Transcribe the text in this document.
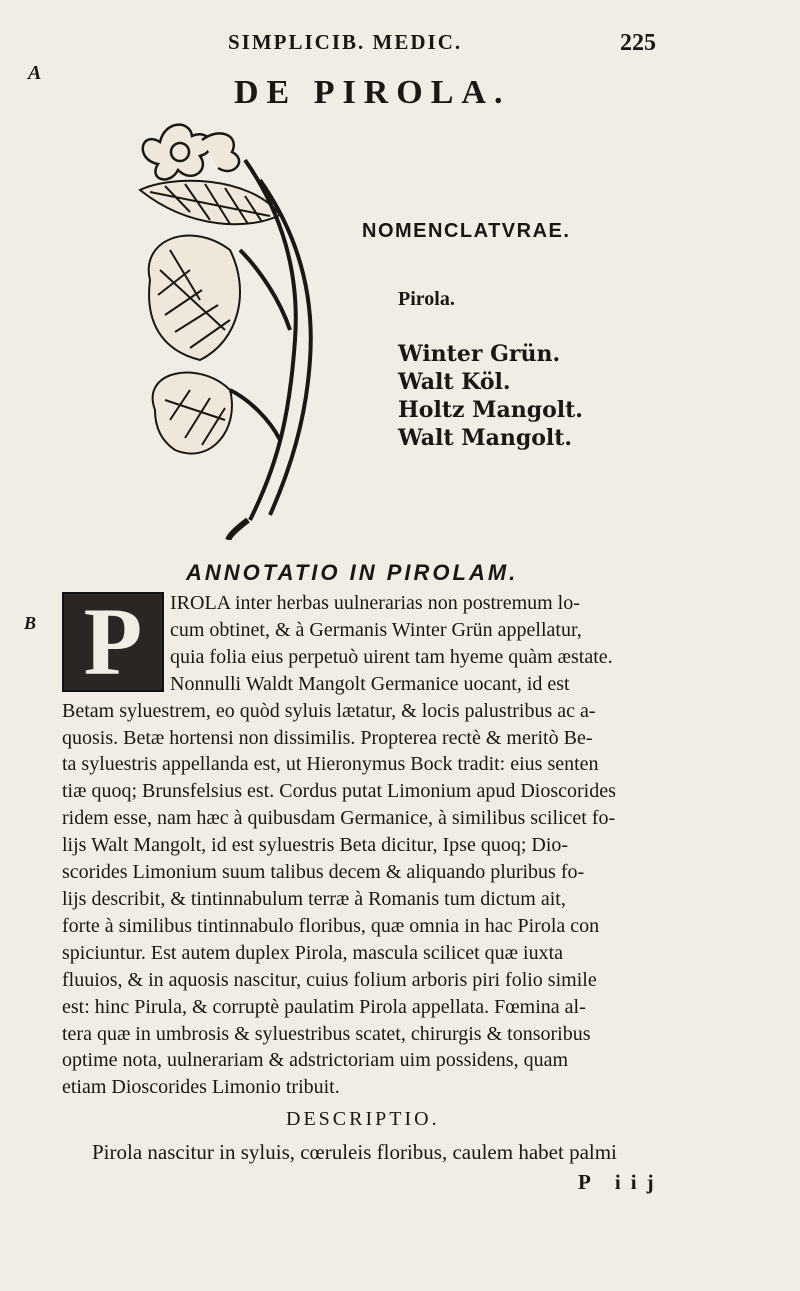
A
SIMPLICIB. MEDIC.	225
DE PIROLA.
NOMENCLATVRAE.
Pirola.
Winter Grün.
Walt Köl.
Holtz Mangolt.
Walt Mangolt.
ANNOTATIO IN PIROLAM.
B P	IROLA inter herbas uulnerarias non postremum lo-
cum obtinet, & à Germanis Winter Grün appellatur,
quia folia eius perpetuò uirent tam hyeme quàm æstate.
Nonnulli Waldt Mangolt Germanice uocant, id est
Betam syluestrem, eo quòd syluis lætatur, & locis palustribus ac a-
quosis. Betæ hortensi non dissimilis. Propterea rectè & meritò Be-
ta syluestris appellanda est, ut Hieronymus Bock tradit: eius senten
tiæ quoq; Brunsfelsius est. Cordus putat Limonium apud Dioscorides
ridem esse, nam hæc à quibusdam Germanice, à similibus scilicet fo-
lijs Walt Mangolt, id est syluestris Beta dicitur, Ipse quoq; Dio-
scorides Limonium suum talibus decem & aliquando pluribus fo-
lijs describit, & tintinnabulum terræ à Romanis tum dictum ait,
forte à similibus tintinnabulo floribus, quæ omnia in hac Pirola con
spiciuntur. Est autem duplex Pirola, mascula scilicet quæ iuxta
fluuios, & in aquosis nascitur, cuius folium arboris piri folio simile
est: hinc Pirula, & corruptè paulatim Pirola appellata. Fœmina al-
tera quæ in umbrosis & syluestribus scatet, chirurgis & tonsoribus
optime nota, uulnerariam & adstrictoriam uim possidens, quam
etiam Dioscorides Limonio tribuit.

DESCRIPTIO.
Pirola nascitur in syluis, cœruleis floribus, caulem habet palmi
P iij
